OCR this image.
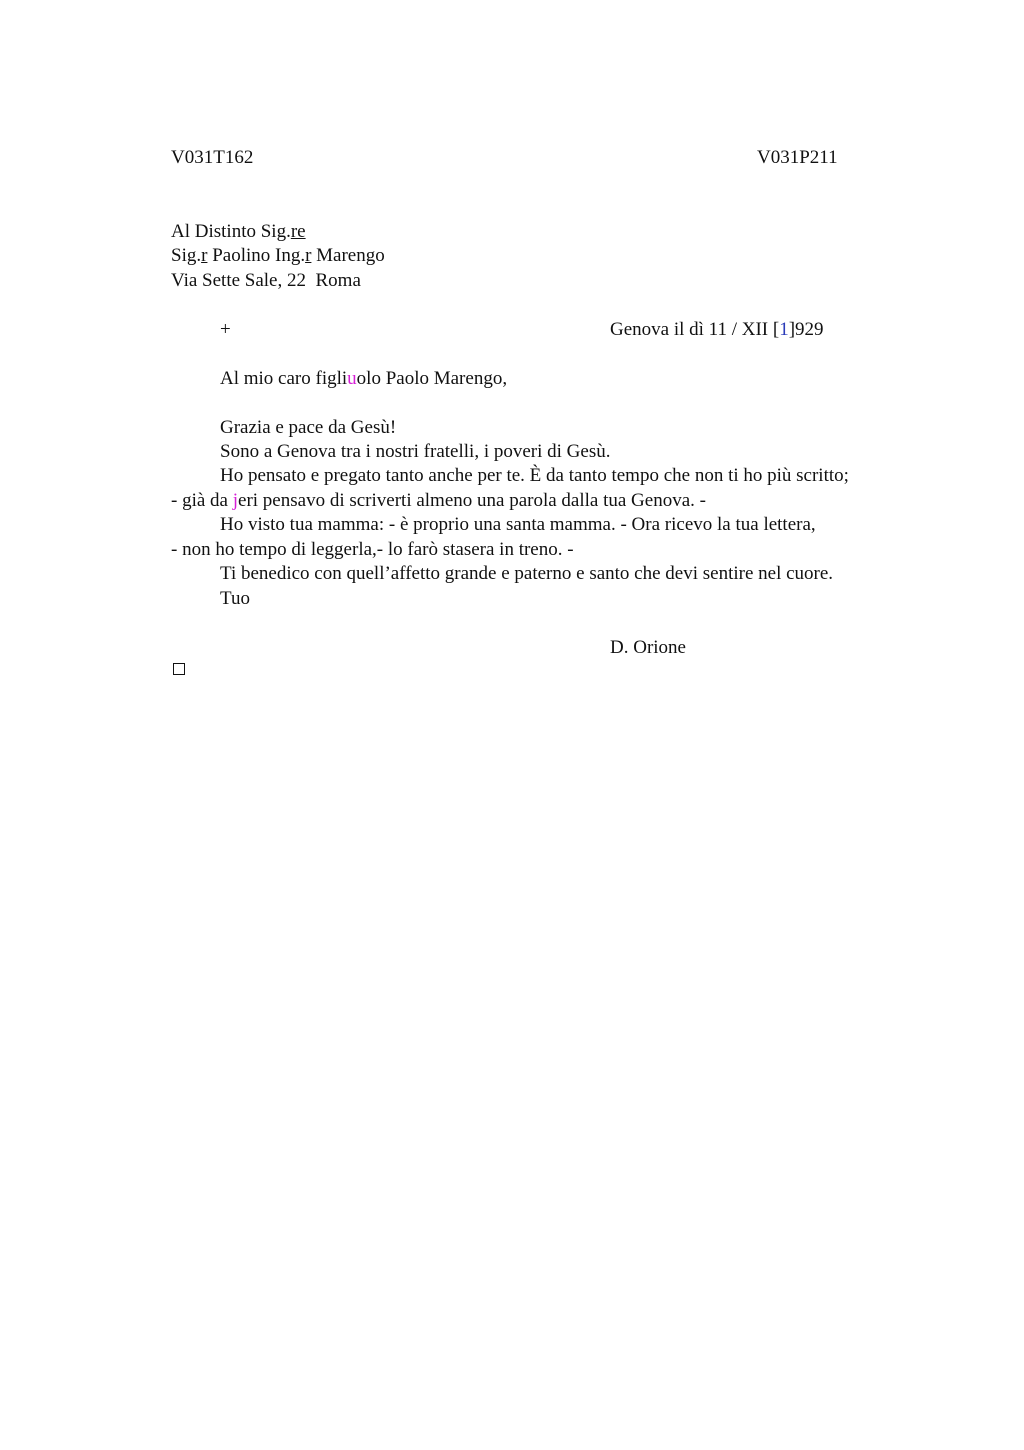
V031T162	V031P211
Al Distinto Sig.re
Sig.r Paolino Ing.r Marengo
Via Sette Sale, 22  Roma
+	Genova il dì 11 / XII [1]929
Al mio caro figliuolo Paolo Marengo,
Grazia e pace da Gesù!
Sono a Genova tra i nostri fratelli, i poveri di Gesù.
Ho pensato e pregato tanto anche per te. È da tanto tempo che non ti ho più scritto;
- già da jeri pensavo di scriverti almeno una parola dalla tua Genova. -
Ho visto tua mamma: - è proprio una santa mamma. - Ora ricevo la tua lettera,
- non ho tempo di leggerla,- lo farò stasera in treno. -
Ti benedico con quell’affetto grande e paterno e santo che devi sentire nel cuore.
Tuo
D. Orione
